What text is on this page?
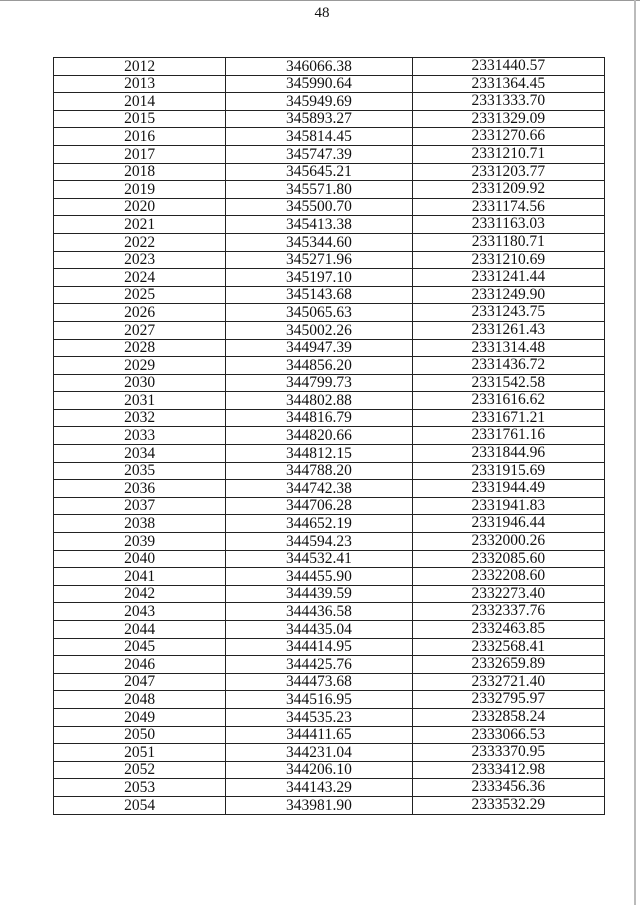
48
2012	346066.38	2331440.57
2013	345990.64	2331364.45
2014	345949.69	2331333.70
2015	345893.27	2331329.09
2016	345814.45	2331270.66
2017	345747.39	2331210.71
2018	345645.21	2331203.77
2019	345571.80	2331209.92
2020	345500.70	2331174.56
2021	345413.38	2331163.03
2022	345344.60	2331180.71
2023	345271.96	2331210.69
2024	345197.10	2331241.44
2025	345143.68	2331249.90
2026	345065.63	2331243.75
2027	345002.26	2331261.43
2028	344947.39	2331314.48
2029	344856.20	2331436.72
2030	344799.73	2331542.58
2031	344802.88	2331616.62
2032	344816.79	2331671.21
2033	344820.66	2331761.16
2034	344812.15	2331844.96
2035	344788.20	2331915.69
2036	344742.38	2331944.49
2037	344706.28	2331941.83
2038	344652.19	2331946.44
2039	344594.23	2332000.26
2040	344532.41	2332085.60
2041	344455.90	2332208.60
2042	344439.59	2332273.40
2043	344436.58	2332337.76
2044	344435.04	2332463.85
2045	344414.95	2332568.41
2046	344425.76	2332659.89
2047	344473.68	2332721.40
2048	344516.95	2332795.97
2049	344535.23	2332858.24
2050	344411.65	2333066.53
2051	344231.04	2333370.95
2052	344206.10	2333412.98
2053	344143.29	2333456.36
2054	343981.90	2333532.29
